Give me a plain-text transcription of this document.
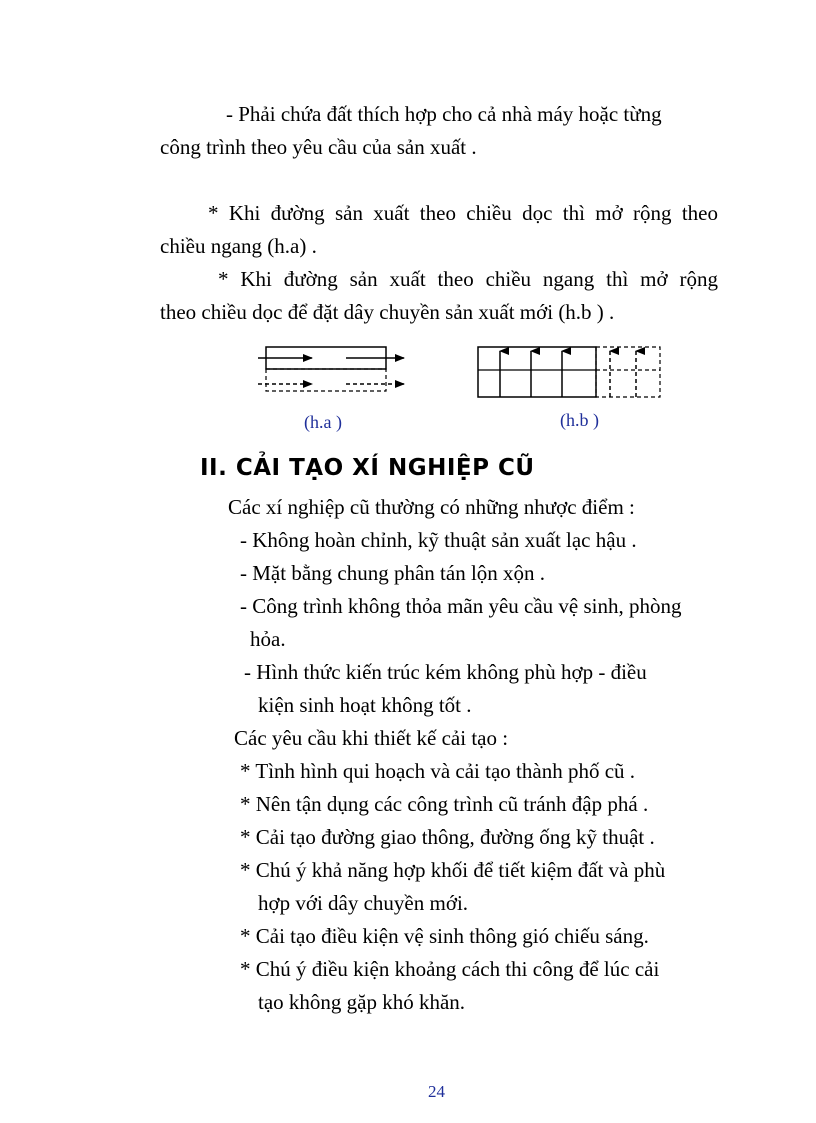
- Phải chứa đất thích hợp cho cả nhà máy hoặc từng
công trình theo yêu cầu của sản xuất .
* Khi đường sản xuất theo chiều dọc thì mở rộng theo
chiều ngang (h.a) .
* Khi đường sản xuất theo chiều ngang thì mở rộng
theo chiều dọc để đặt dây chuyền sản xuất mới (h.b ) .
(h.a )	(h.b )
II. CẢI TẠO XÍ NGHIỆP CŨ
Các xí nghiệp cũ thường có những nhược điểm :
- Không hoàn chỉnh, kỹ thuật sản xuất lạc hậu .
- Mặt bằng chung phân tán lộn xộn .
- Công trình không thỏa mãn yêu cầu vệ sinh, phòng
hỏa.
- Hình thức kiến trúc kém không phù hợp - điều
kiện sinh hoạt không tốt .
Các yêu cầu khi thiết kế cải tạo :
* Tình hình qui hoạch và cải tạo thành phố cũ .
* Nên tận dụng các công trình cũ tránh đập phá .
* Cải tạo đường giao thông, đường ống kỹ thuật .
* Chú ý khả năng hợp khối để tiết kiệm đất và phù
hợp với dây chuyền mới.
* Cải tạo điều kiện vệ sinh thông gió chiếu sáng.
* Chú ý điều kiện khoảng cách thi công để lúc cải
tạo không gặp khó khăn.
24
